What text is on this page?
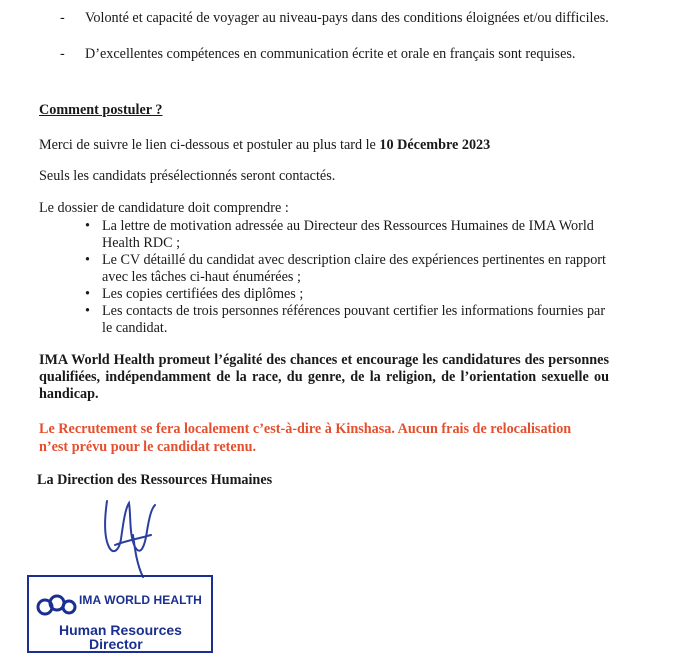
- Volonté et capacité de voyager au niveau-pays dans des conditions éloignées et/ou difficiles.
- D’excellentes compétences en communication écrite et orale en français sont requises.
Comment postuler ?
Merci de suivre le lien ci-dessous et postuler au plus tard le 10 Décembre 2023
Seuls les candidats présélectionnés seront contactés.
Le dossier de candidature doit comprendre :

• La lettre de motivation adressée au Directeur des Ressources Humaines de IMA World Health RDC ;

• Le CV détaillé du candidat avec description claire des expériences pertinentes en rapport avec les tâches ci-haut énumérées ;

• Les copies certifiées des diplômes ;

• Les contacts de trois personnes références pouvant certifier les informations fournies par le candidat.

IMA World Health promeut l’égalité des chances et encourage les candidatures des personnes qualifiées, indépendamment de la race, du genre, de la religion, de l’orientation sexuelle ou handicap.
Le Recrutement se fera localement c’est-à-dire à Kinshasa. Aucun frais de relocalisation n’est prévu pour le candidat retenu.
La Direction des Ressources Humaines
IMA WORLD HEALTH
Human Resources
Director
